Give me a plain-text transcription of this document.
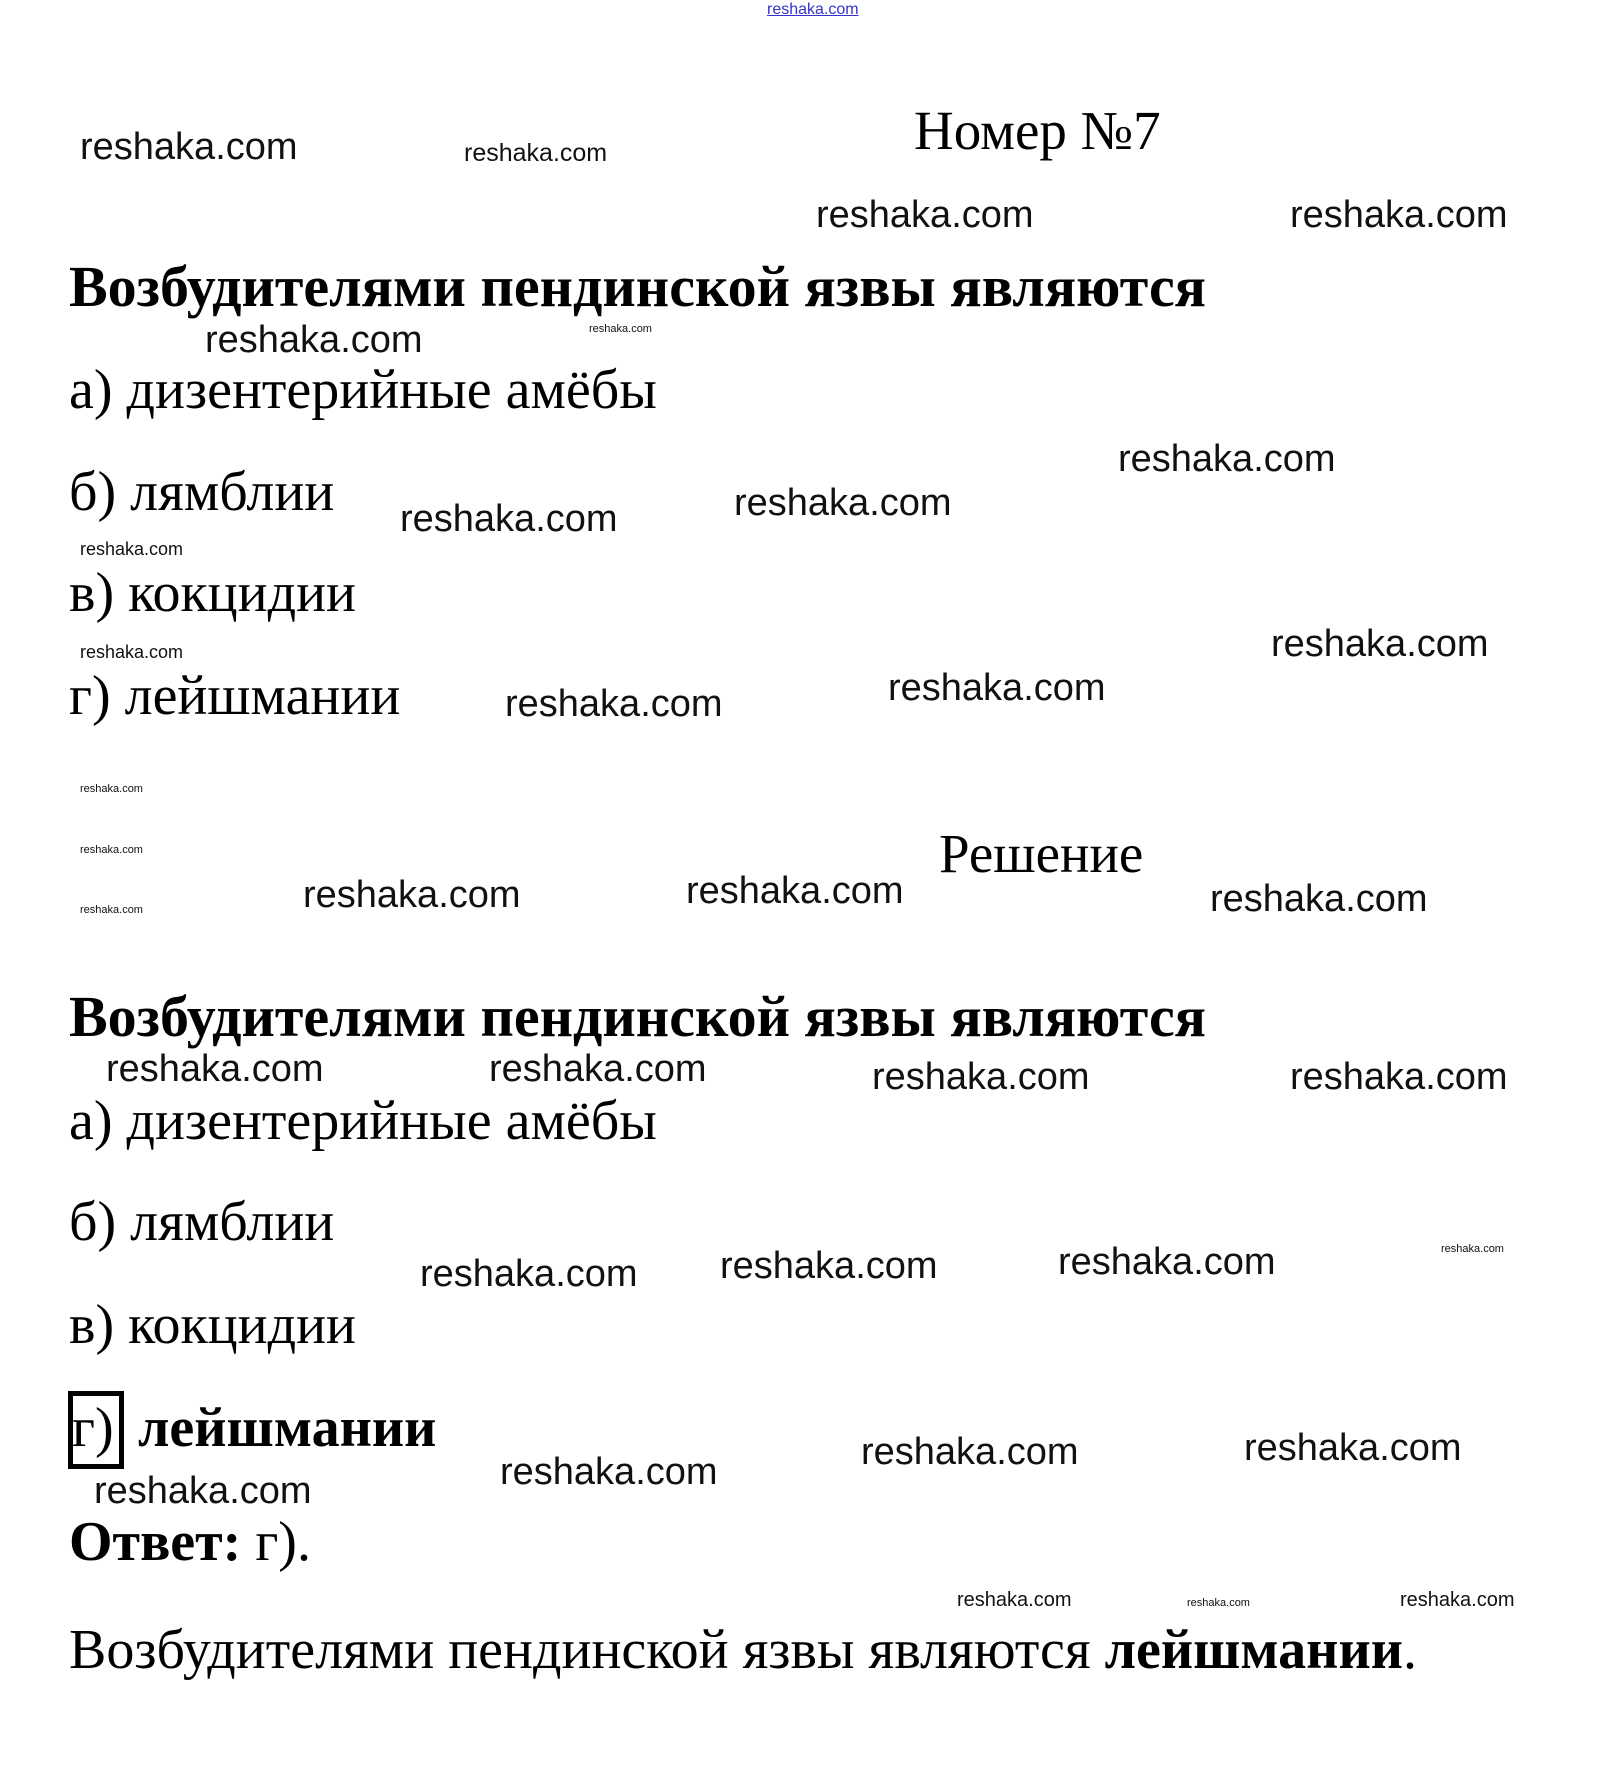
reshaka.com
Номер №7
Возбудителями пендинской язвы являются
а) дизентерийные амёбы
б) лямблии
в) кокцидии
г) лейшмании
Решение
Возбудителями пендинской язвы являются
а) дизентерийные амёбы
б) лямблии
в) кокцидии
г) лейшмании
Ответ: г).
Возбудителями пендинской язвы являются лейшмании.
reshaka.com	reshaka.com
reshaka.com	reshaka.com
reshaka.com	reshaka.com
reshaka.com	reshaka.com
reshaka.com
reshaka.com
reshaka.com	reshaka.com
reshaka.com
reshaka.com
reshaka.com
reshaka.com
reshaka.com	reshaka.com	reshaka.com	reshaka.com
reshaka.com	reshaka.com	reshaka.com	reshaka.com
reshaka.com reshaka.com	reshaka.com	reshaka.com
reshaka.com	reshaka.com
reshaka.com
reshaka.com
reshaka.com	reshaka.com	reshaka.com
